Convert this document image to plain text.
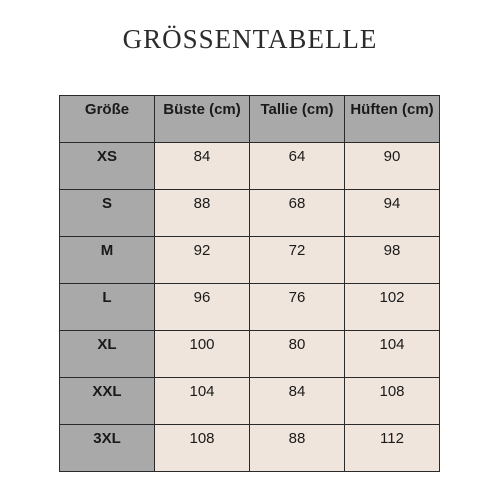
GRÖSSENTABELLE
Größe	Büste (cm)	Tallie (cm)	Hüften (cm)
XS	84	64	90
S	88	68	94
M	92	72	98
L	96	76	102
XL	100	80	104
XXL	104	84	108
3XL	108	88	112
